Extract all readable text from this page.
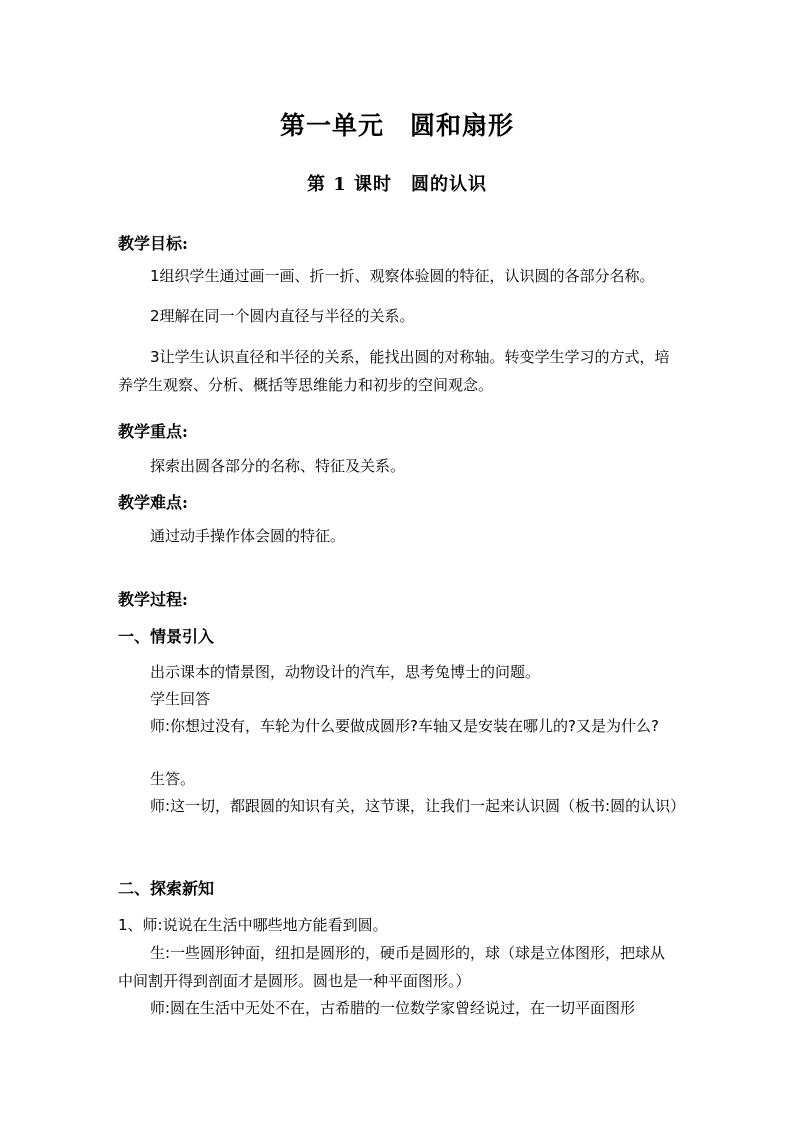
第一单元　圆和扇形
第 1 课时　圆的认识
教学目标:

1组织学生通过画一画、折一折、观察体验圆的特征，认识圆的各部分名称。

2理解在同一个圆内直径与半径的关系。

3让学生认识直径和半径的关系，能找出圆的对称轴。转变学生学习的方式，培养学生观察、分析、概括等思维能力和初步的空间观念。

教学重点:

探索出圆各部分的名称、特征及关系。

教学难点:

通过动手操作体会圆的特征。

教学过程:
一、情景引入

出示课本的情景图，动物设计的汽车，思考兔博士的问题。

学生回答

师:你想过没有，车轮为什么要做成圆形?车轴又是安装在哪儿的?又是为什么?

生答。

师:这一切，都跟圆的知识有关，这节课，让我们一起来认识圆（板书:圆的认识）

二、探索新知

1、师:说说在生活中哪些地方能看到圆。

生:一些圆形钟面，纽扣是圆形的，硬币是圆形的，球（球是立体图形，把球从中间割开得到剖面才是圆形。圆也是一种平面图形。）

师:圆在生活中无处不在，古希腊的一位数学家曾经说过，在一切平面图形
